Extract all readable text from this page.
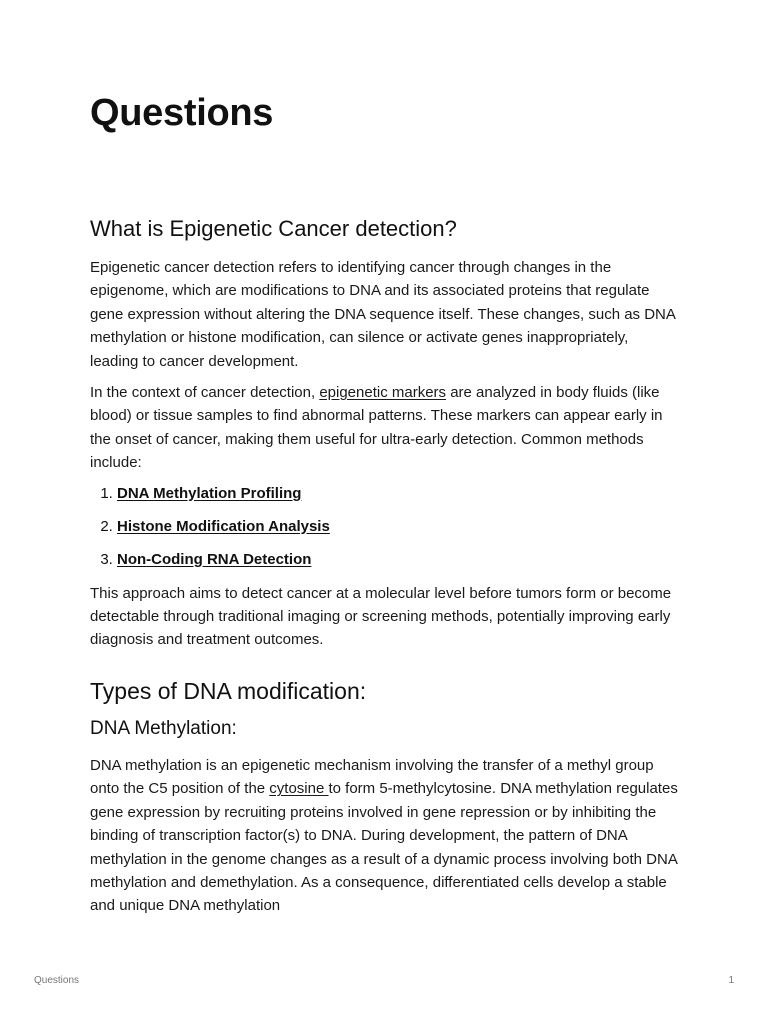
Questions
What is Epigenetic Cancer detection?

Epigenetic cancer detection refers to identifying cancer through changes in the epigenome, which are modifications to DNA and its associated proteins that regulate gene expression without altering the DNA sequence itself. These changes, such as DNA methylation or histone modification, can silence or activate genes inappropriately, leading to cancer development.

In the context of cancer detection, epigenetic markers are analyzed in body fluids (like blood) or tissue samples to find abnormal patterns. These markers can appear early in the onset of cancer, making them useful for ultra-early detection. Common methods include:

1. DNA Methylation Profiling
2. Histone Modification Analysis
3. Non-Coding RNA Detection

This approach aims to detect cancer at a molecular level before tumors form or become detectable through traditional imaging or screening methods, potentially improving early diagnosis and treatment outcomes.

Types of DNA modification:
DNA Methylation:

DNA methylation is an epigenetic mechanism involving the transfer of a methyl group onto the C5 position of the cytosine to form 5-methylcytosine. DNA methylation regulates gene expression by recruiting proteins involved in gene repression or by inhibiting the binding of transcription factor(s) to DNA. During development, the pattern of DNA methylation in the genome changes as a result of a dynamic process involving both DNA methylation and demethylation. As a consequence, differentiated cells develop a stable and unique DNA methylation

Questions	1
